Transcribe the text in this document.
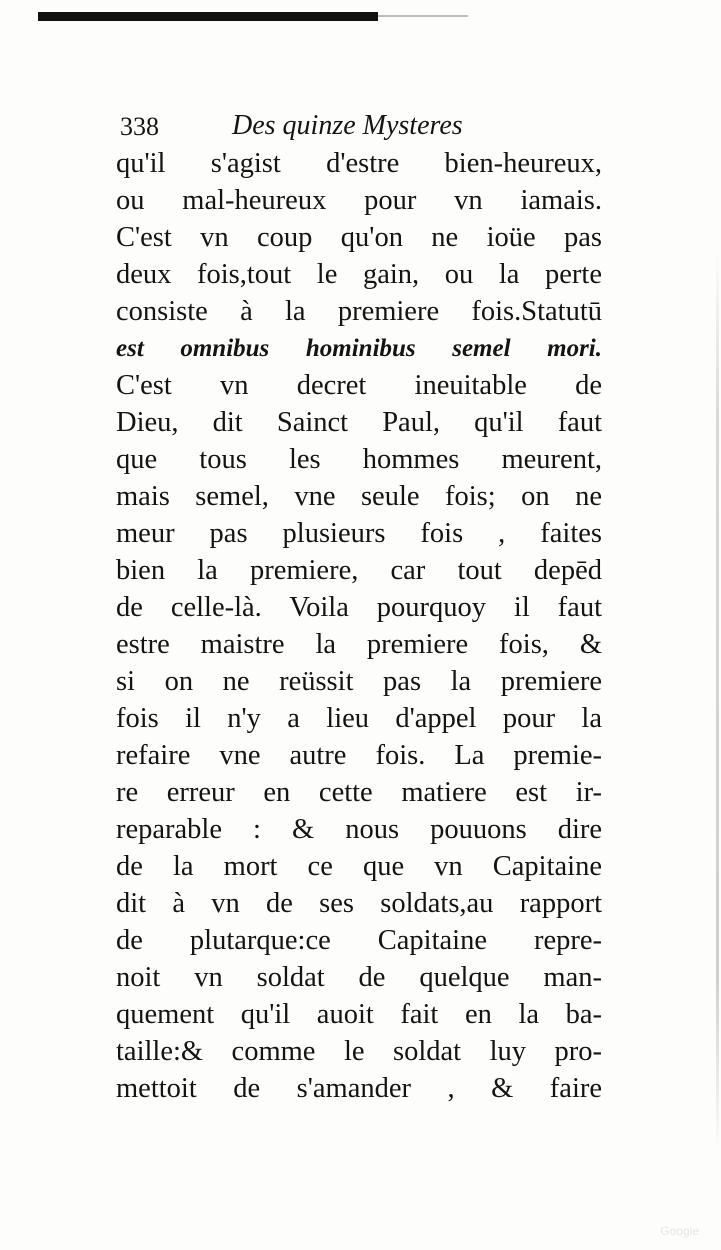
338	Des quinze Mysteres
qu'il s'agist d'estre bien-heureux,
ou mal-heureux pour vn iamais.
C'est vn coup qu'on ne ioüe pas
deux fois,tout le gain, ou la perte
consiste à la premiere fois.Statutū
est omnibus hominibus semel mori.
C'est vn decret ineuitable de
Dieu, dit Sainct Paul, qu'il faut
que tous les hommes meurent,
mais semel, vne seule fois; on ne
meur pas plusieurs fois , faites
bien la premiere, car tout depēd
de celle-là. Voila pourquoy il faut
estre maistre la premiere fois, &
si on ne reüssit pas la premiere
fois il n'y a lieu d'appel pour la
refaire vne autre fois. La premie-
re erreur en cette matiere est ir-
reparable : & nous pouuons dire
de la mort ce que vn Capitaine
dit à vn de ses soldats,au rapport
de plutarque:ce Capitaine repre-
noit vn soldat de quelque man-
quement qu'il auoit fait en la ba-
taille:& comme le soldat luy pro-
mettoit de s'amander , & faire
Google
